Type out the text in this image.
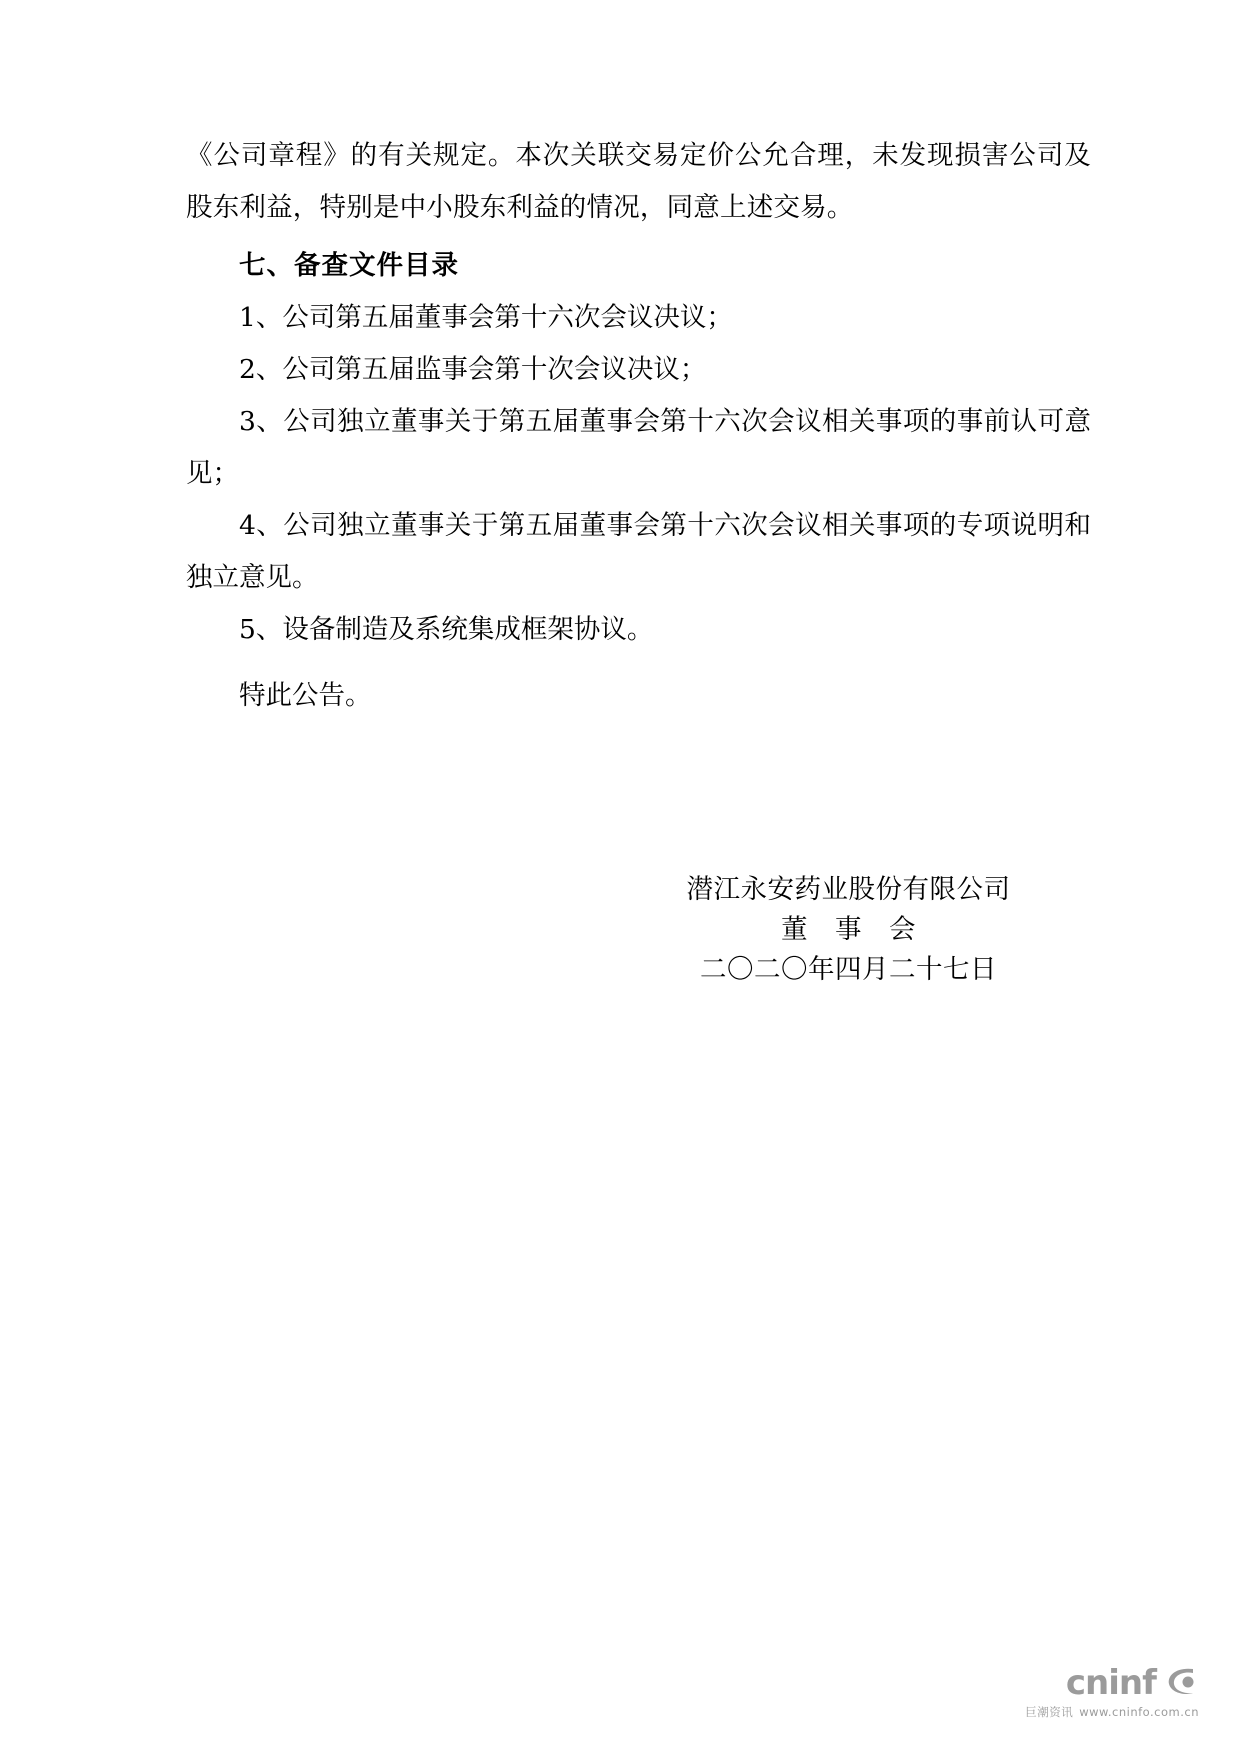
《公司章程》的有关规定。本次关联交易定价公允合理，未发现损害公司及股东利益，特别是中小股东利益的情况，同意上述交易。

七、备查文件目录

1、公司第五届董事会第十六次会议决议；

2、公司第五届监事会第十次会议决议；

3、公司独立董事关于第五届董事会第十六次会议相关事项的事前认可意见；

4、公司独立董事关于第五届董事会第十六次会议相关事项的专项说明和独立意见。

5、设备制造及系统集成框架协议。

特此公告。

潜江永安药业股份有限公司
董　事　会
二〇二〇年四月二十七日
cninf
巨潮资讯 www.cninfo.com.cn
